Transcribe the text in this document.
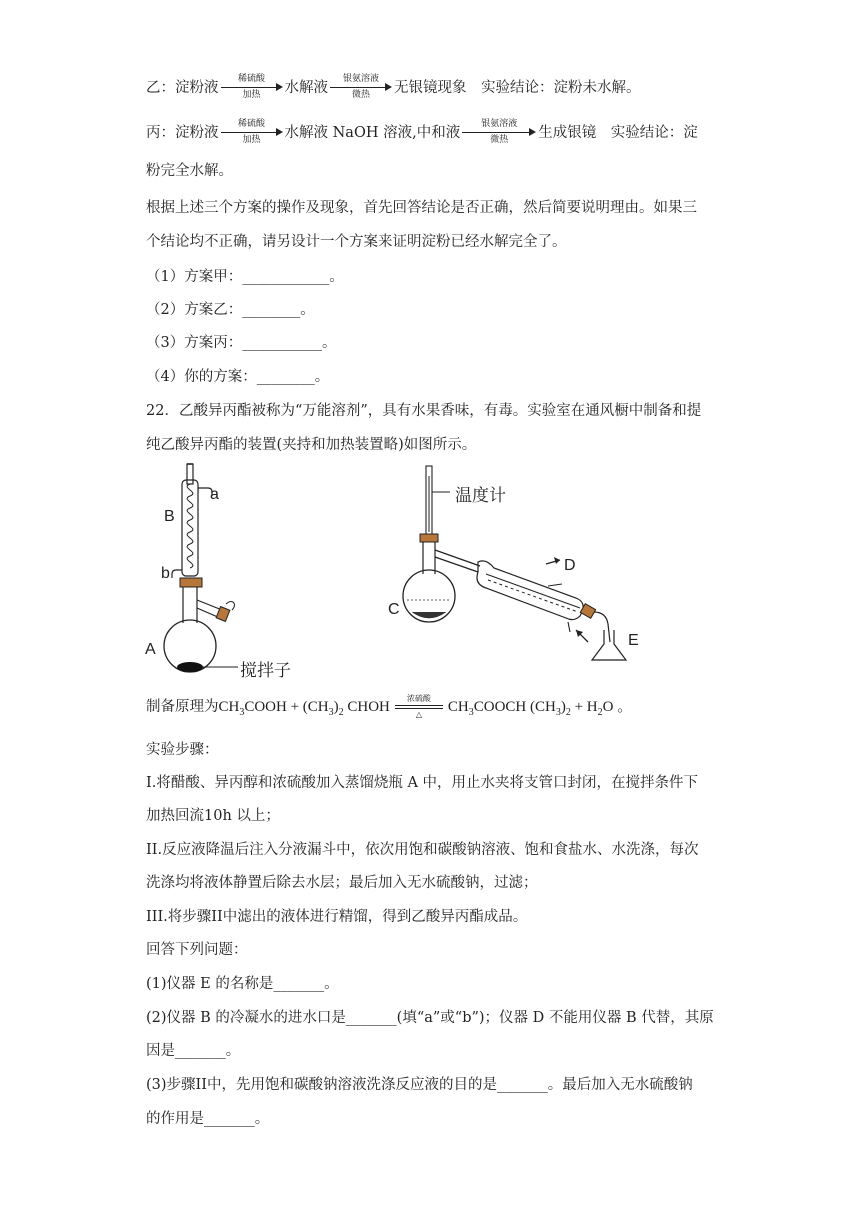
乙：淀粉液
稀硫酸
加热	水解液
银氨溶液
微热	无银镜现象　实验结论：淀粉未水解。
丙：淀粉液
稀硫酸
加热	水解液 NaOH 溶液,中和液
银氨溶液
微热	生成银镜　实验结论：淀
粉完全水解。
根据上述三个方案的操作及现象，首先回答结论是否正确，然后简要说明理由。如果三
个结论均不正确，请另设计一个方案来证明淀粉已经水解完全了。
（1）方案甲：____________。
（2）方案乙：________。
（3）方案丙：___________。
（4）你的方案：________。
22．乙酸异丙酯被称为“万能溶剂”，具有水果香味，有毒。实验室在通风橱中制备和提
纯乙酸异丙酯的装置(夹持和加热装置略)如图所示。
a
B
b
A
搅拌子
温度计
C
D
E
制备原理为$CH_3COOH + (CH_3)_2$ CHOH
浓硫酸
△	$CH_3COOCH$ $(CH_3)_2 + H_2O$ 。
实验步骤：
I.将醋酸、异丙醇和浓硫酸加入蒸馏烧瓶 A 中，用止水夹将支管口封闭，在搅拌条件下
加热回流10h 以上；
II.反应液降温后注入分液漏斗中，依次用饱和碳酸钠溶液、饱和食盐水、水洗涤，每次
洗涤均将液体静置后除去水层；最后加入无水硫酸钠，过滤；
III.将步骤II中滤出的液体进行精馏，得到乙酸异丙酯成品。
回答下列问题：
(1)仪器 E 的名称是_______。
(2)仪器 B 的冷凝水的进水口是_______(填“a”或“b”)；仪器 D 不能用仪器 B 代替，其原
因是_______。
(3)步骤II中，先用饱和碳酸钠溶液洗涤反应液的目的是_______。最后加入无水硫酸钠
的作用是_______。
